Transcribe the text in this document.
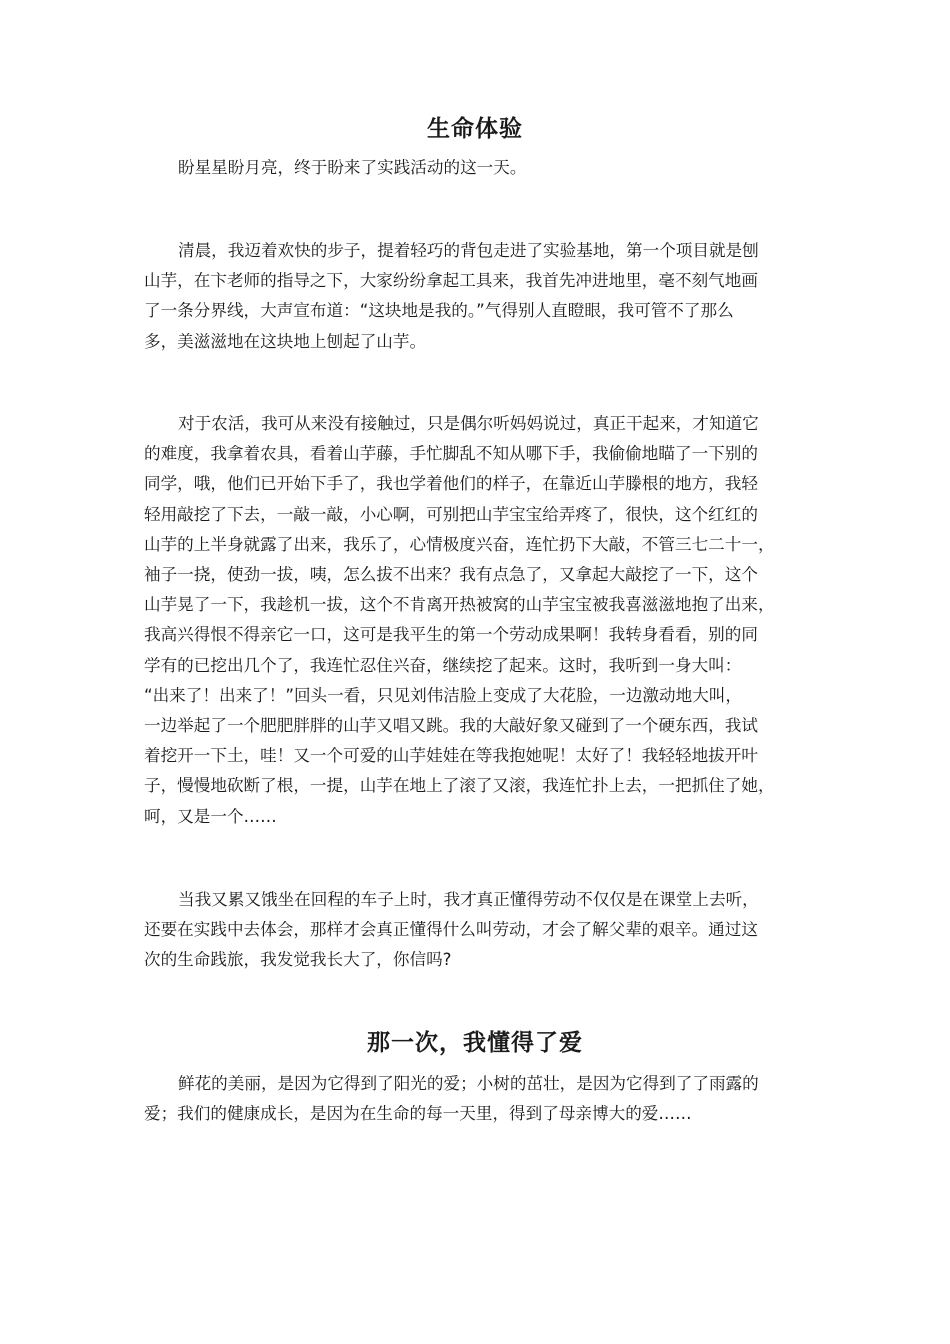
生命体验

盼星星盼月亮，终于盼来了实践活动的这一天。

清晨，我迈着欢快的步子，提着轻巧的背包走进了实验基地，第一个项目就是刨
山芋，在卞老师的指导之下，大家纷纷拿起工具来，我首先冲进地里，毫不刻气地画
了一条分界线，大声宣布道：“这块地是我的。”气得别人直瞪眼，我可管不了那么
多，美滋滋地在这块地上刨起了山芋。

对于农活，我可从来没有接触过，只是偶尔听妈妈说过，真正干起来，才知道它
的难度，我拿着农具，看着山芋藤，手忙脚乱不知从哪下手，我偷偷地瞄了一下别的
同学，哦，他们已开始下手了，我也学着他们的样子，在靠近山芋滕根的地方，我轻
轻用敲挖了下去，一敲一敲，小心啊，可别把山芋宝宝给弄疼了，很快，这个红红的
山芋的上半身就露了出来，我乐了，心情极度兴奋，连忙扔下大敲，不管三七二十一，
袖子一挠，使劲一拔，咦，怎么拔不出来？我有点急了，又拿起大敲挖了一下，这个
山芋晃了一下，我趁机一拔，这个不肯离开热被窝的山芋宝宝被我喜滋滋地抱了出来，
我高兴得恨不得亲它一口，这可是我平生的第一个劳动成果啊！我转身看看，别的同
学有的已挖出几个了，我连忙忍住兴奋，继续挖了起来。这时，我听到一身大叫：
“出来了！出来了！”回头一看，只见刘伟洁脸上变成了大花脸，一边激动地大叫，
一边举起了一个肥肥胖胖的山芋又唱又跳。我的大敲好象又碰到了一个硬东西，我试
着挖开一下土，哇！又一个可爱的山芋娃娃在等我抱她呢！太好了！我轻轻地拔开叶
子，慢慢地砍断了根，一提，山芋在地上了滚了又滚，我连忙扑上去，一把抓住了她，
呵，又是一个……

当我又累又饿坐在回程的车子上时，我才真正懂得劳动不仅仅是在课堂上去听，
还要在实践中去体会，那样才会真正懂得什么叫劳动，才会了解父辈的艰辛。通过这
次的生命践旅，我发觉我长大了，你信吗?

那一次，我懂得了爱

鲜花的美丽，是因为它得到了阳光的爱；小树的茁壮，是因为它得到了了雨露的
爱；我们的健康成长，是因为在生命的每一天里，得到了母亲博大的爱……
